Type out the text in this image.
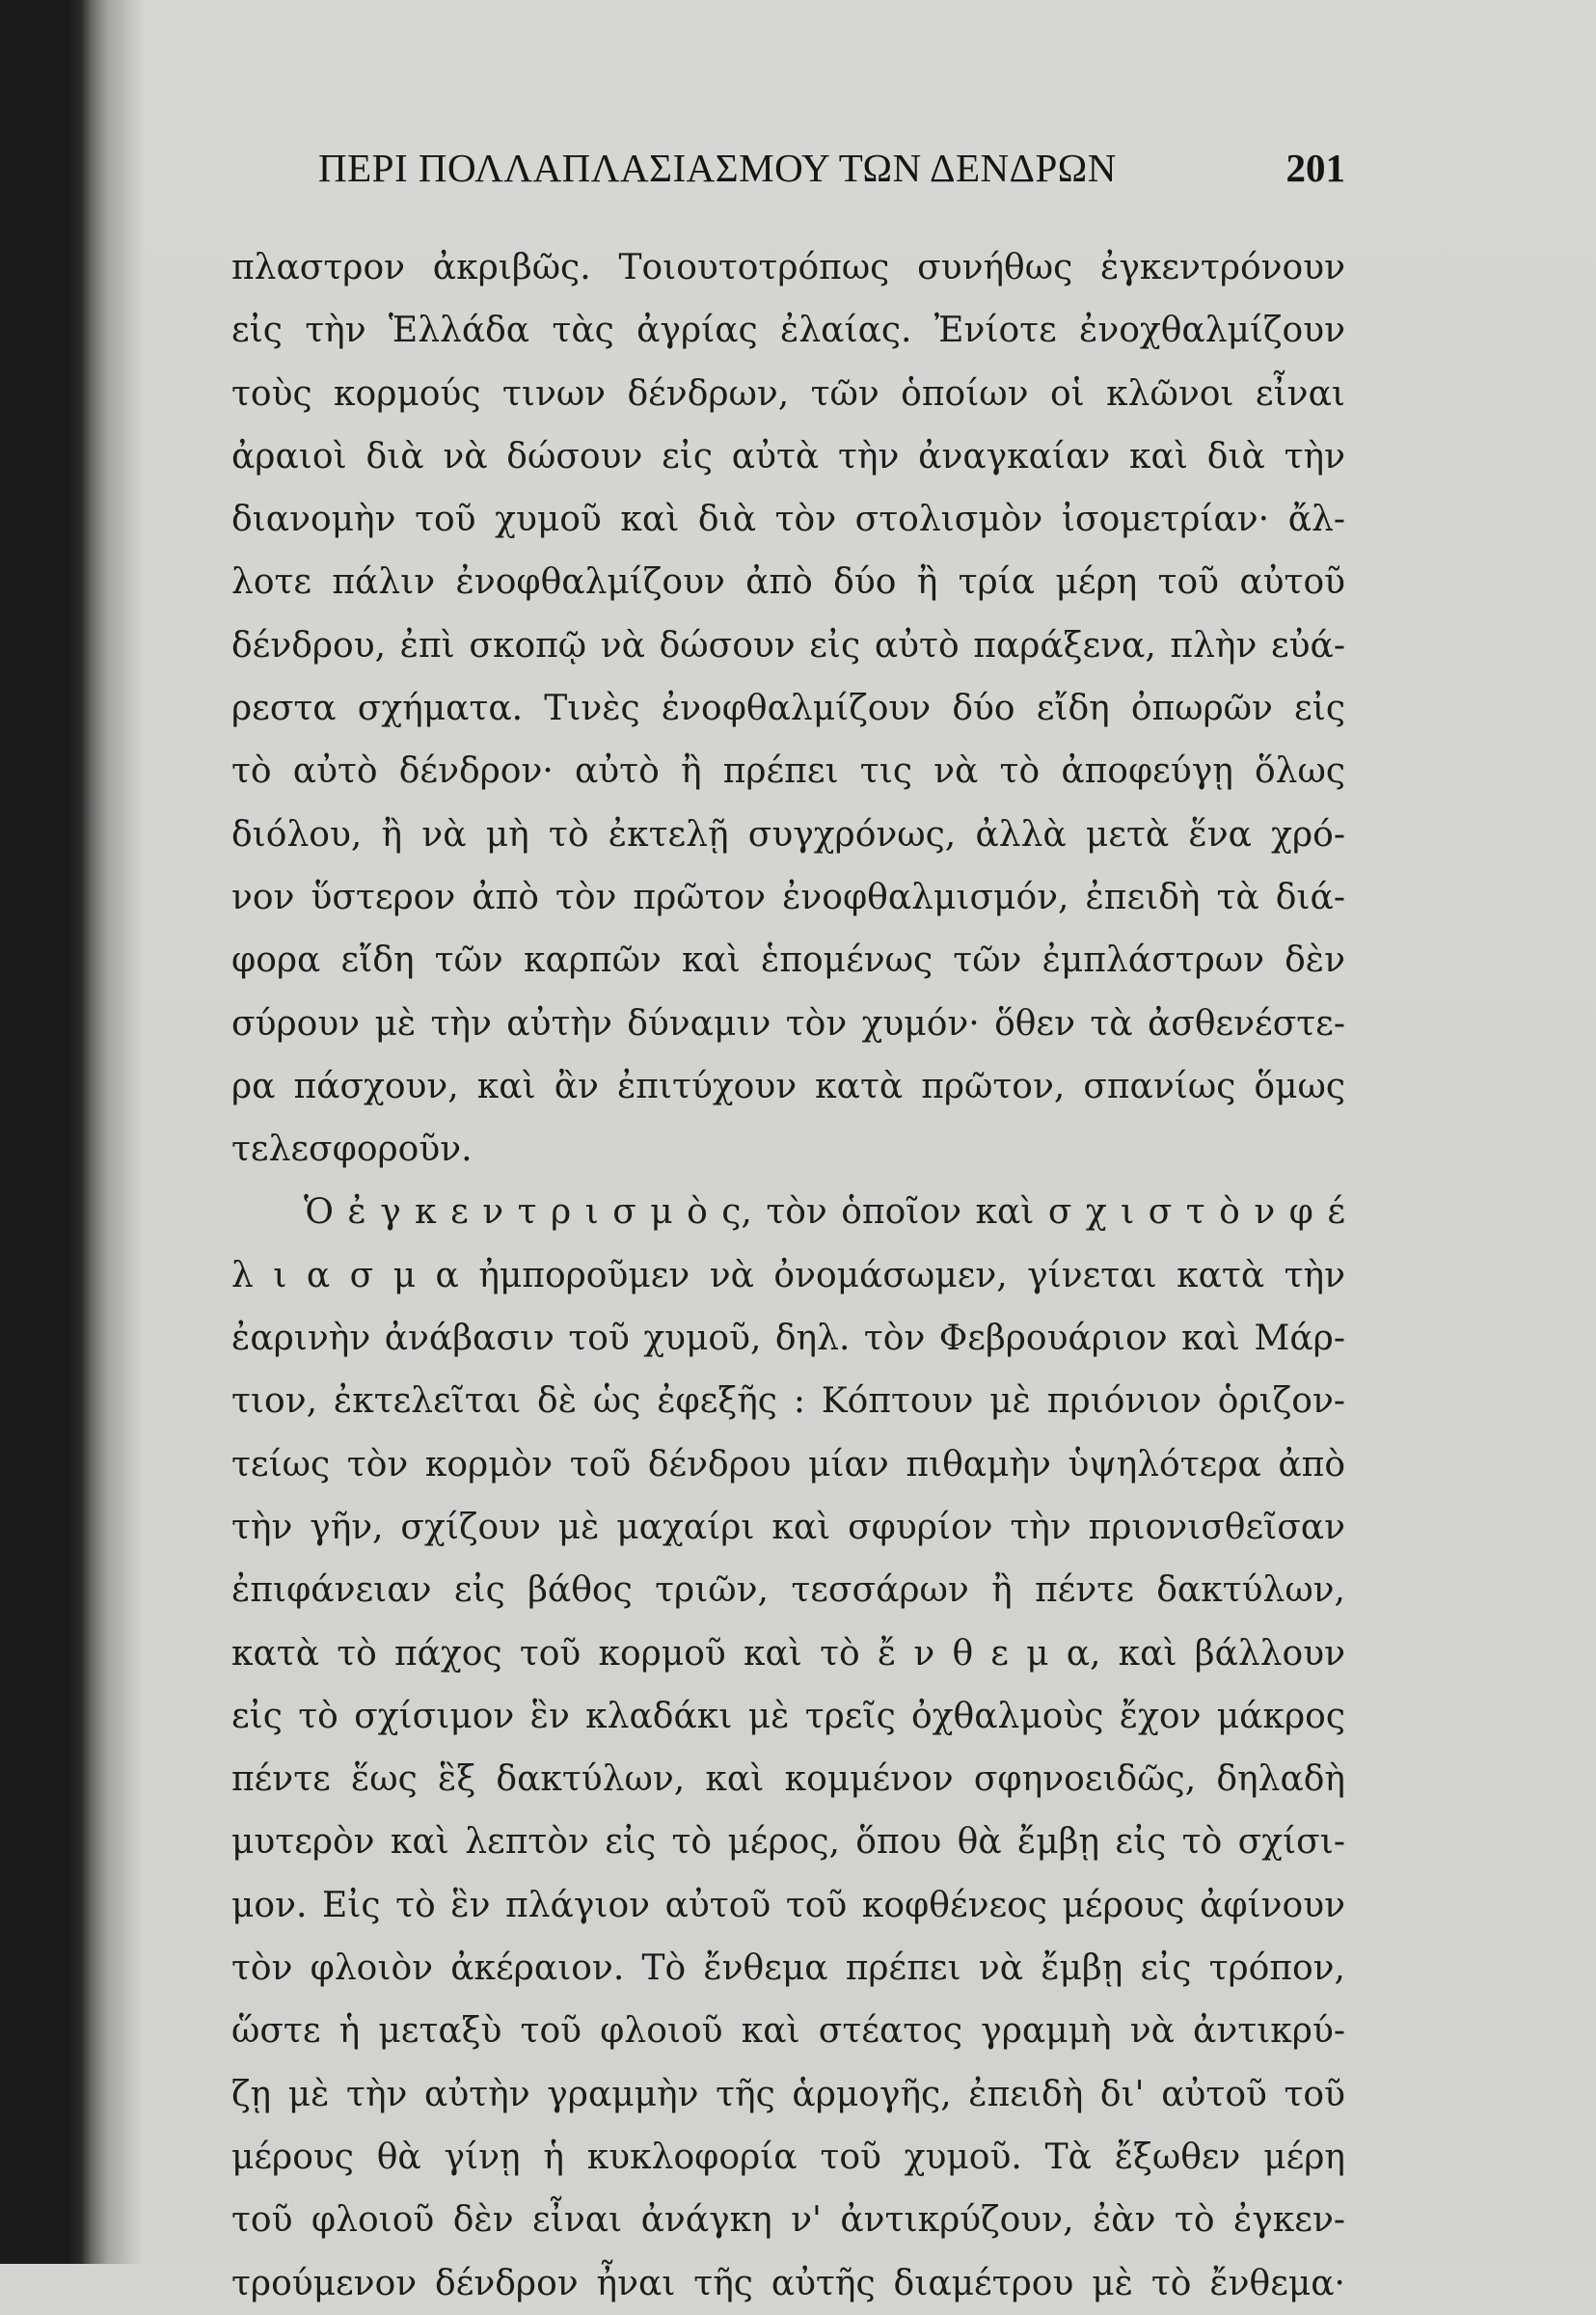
ΠΕΡΙ ΠΟΛΛΑΠΛΑΣΙΑΣΜΟΥ ΤΩΝ ΔΕΝΔΡΩΝ	201
πλαστρον ἀκριβῶς. Τοιουτοτρόπως συνήθως ἐγκεντρόνουν
εἰς τὴν Ἑλλάδα τὰς ἀγρίας ἐλαίας. Ἐνίοτε ἐνοχθαλμίζουν
τοὺς κορμούς τινων δένδρων, τῶν ὁποίων οἱ κλῶνοι εἶναι
ἀραιοὶ διὰ νὰ δώσουν εἰς αὐτὰ τὴν ἀναγκαίαν καὶ διὰ τὴν
διανομὴν τοῦ χυμοῦ καὶ διὰ τὸν στολισμὸν ἰσομετρίαν· ἄλ-
λοτε πάλιν ἐνοφθαλμίζουν ἀπὸ δύο ἢ τρία μέρη τοῦ αὐτοῦ
δένδρου, ἐπὶ σκοπῷ νὰ δώσουν εἰς αὐτὸ παράξενα, πλὴν εὐά-
ρεστα σχήματα. Τινὲς ἐνοφθαλμίζουν δύο εἴδη ὀπωρῶν εἰς
τὸ αὐτὸ δένδρον· αὐτὸ ἢ πρέπει τις νὰ τὸ ἀποφεύγῃ ὅλως
διόλου, ἢ νὰ μὴ τὸ ἐκτελῇ συγχρόνως, ἀλλὰ μετὰ ἕνα χρό-
νον ὕστερον ἀπὸ τὸν πρῶτον ἐνοφθαλμισμόν, ἐπειδὴ τὰ διά-
φορα εἴδη τῶν καρπῶν καὶ ἑπομένως τῶν ἐμπλάστρων δὲν
σύρουν μὲ τὴν αὐτὴν δύναμιν τὸν χυμόν· ὅθεν τὰ ἀσθενέστε-
ρα πάσχουν, καὶ ἂν ἐπιτύχουν κατὰ πρῶτον, σπανίως ὅμως
τελεσφοροῦν.
Ὁ ἐ γ κ ε ν τ ρ ι σ μ ὸ ς, τὸν ὁποῖον καὶ σ χ ι σ τ ὸ ν φ έ
λ ι α σ μ α ἠμποροῦμεν νὰ ὀνομάσωμεν, γίνεται κατὰ τὴν
ἐαρινὴν ἀνάβασιν τοῦ χυμοῦ, δηλ. τὸν Φεβρουάριον καὶ Μάρ-
τιον, ἐκτελεῖται δὲ ὡς ἐφεξῆς : Κόπτουν μὲ πριόνιον ὁριζον-
τείως τὸν κορμὸν τοῦ δένδρου μίαν πιθαμὴν ὑψηλότερα ἀπὸ
τὴν γῆν, σχίζουν μὲ μαχαίρι καὶ σφυρίον τὴν πριονισθεῖσαν
ἐπιφάνειαν εἰς βάθος τριῶν, τεσσάρων ἢ πέντε δακτύλων,
κατὰ τὸ πάχος τοῦ κορμοῦ καὶ τὸ ἔ ν θ ε μ α, καὶ βάλλουν
εἰς τὸ σχίσιμον ἓν κλαδάκι μὲ τρεῖς ὀχθαλμοὺς ἔχον μάκρος
πέντε ἕως ἓξ δακτύλων, καὶ κομμένον σφηνοειδῶς, δηλαδὴ
μυτερὸν καὶ λεπτὸν εἰς τὸ μέρος, ὅπου θὰ ἔμβῃ εἰς τὸ σχίσι-
μον. Εἰς τὸ ἓν πλάγιον αὐτοῦ τοῦ κοφθένεος μέρους ἀφίνουν
τὸν φλοιὸν ἀκέραιον. Τὸ ἔνθεμα πρέπει νὰ ἔμβῃ εἰς τρόπον,
ὥστε ἡ μεταξὺ τοῦ φλοιοῦ καὶ στέατος γραμμὴ νὰ ἀντικρύ-
ζῃ μὲ τὴν αὐτὴν γραμμὴν τῆς ἁρμογῆς, ἐπειδὴ δι' αὐτοῦ τοῦ
μέρους θὰ γίνῃ ἡ κυκλοφορία τοῦ χυμοῦ. Τὰ ἔξωθεν μέρη
τοῦ φλοιοῦ δὲν εἶναι ἀνάγκη ν' ἀντικρύζουν, ἐὰν τὸ ἐγκεν-
τρούμενον δένδρον ἦναι τῆς αὐτῆς διαμέτρου μὲ τὸ ἔνθεμα·
